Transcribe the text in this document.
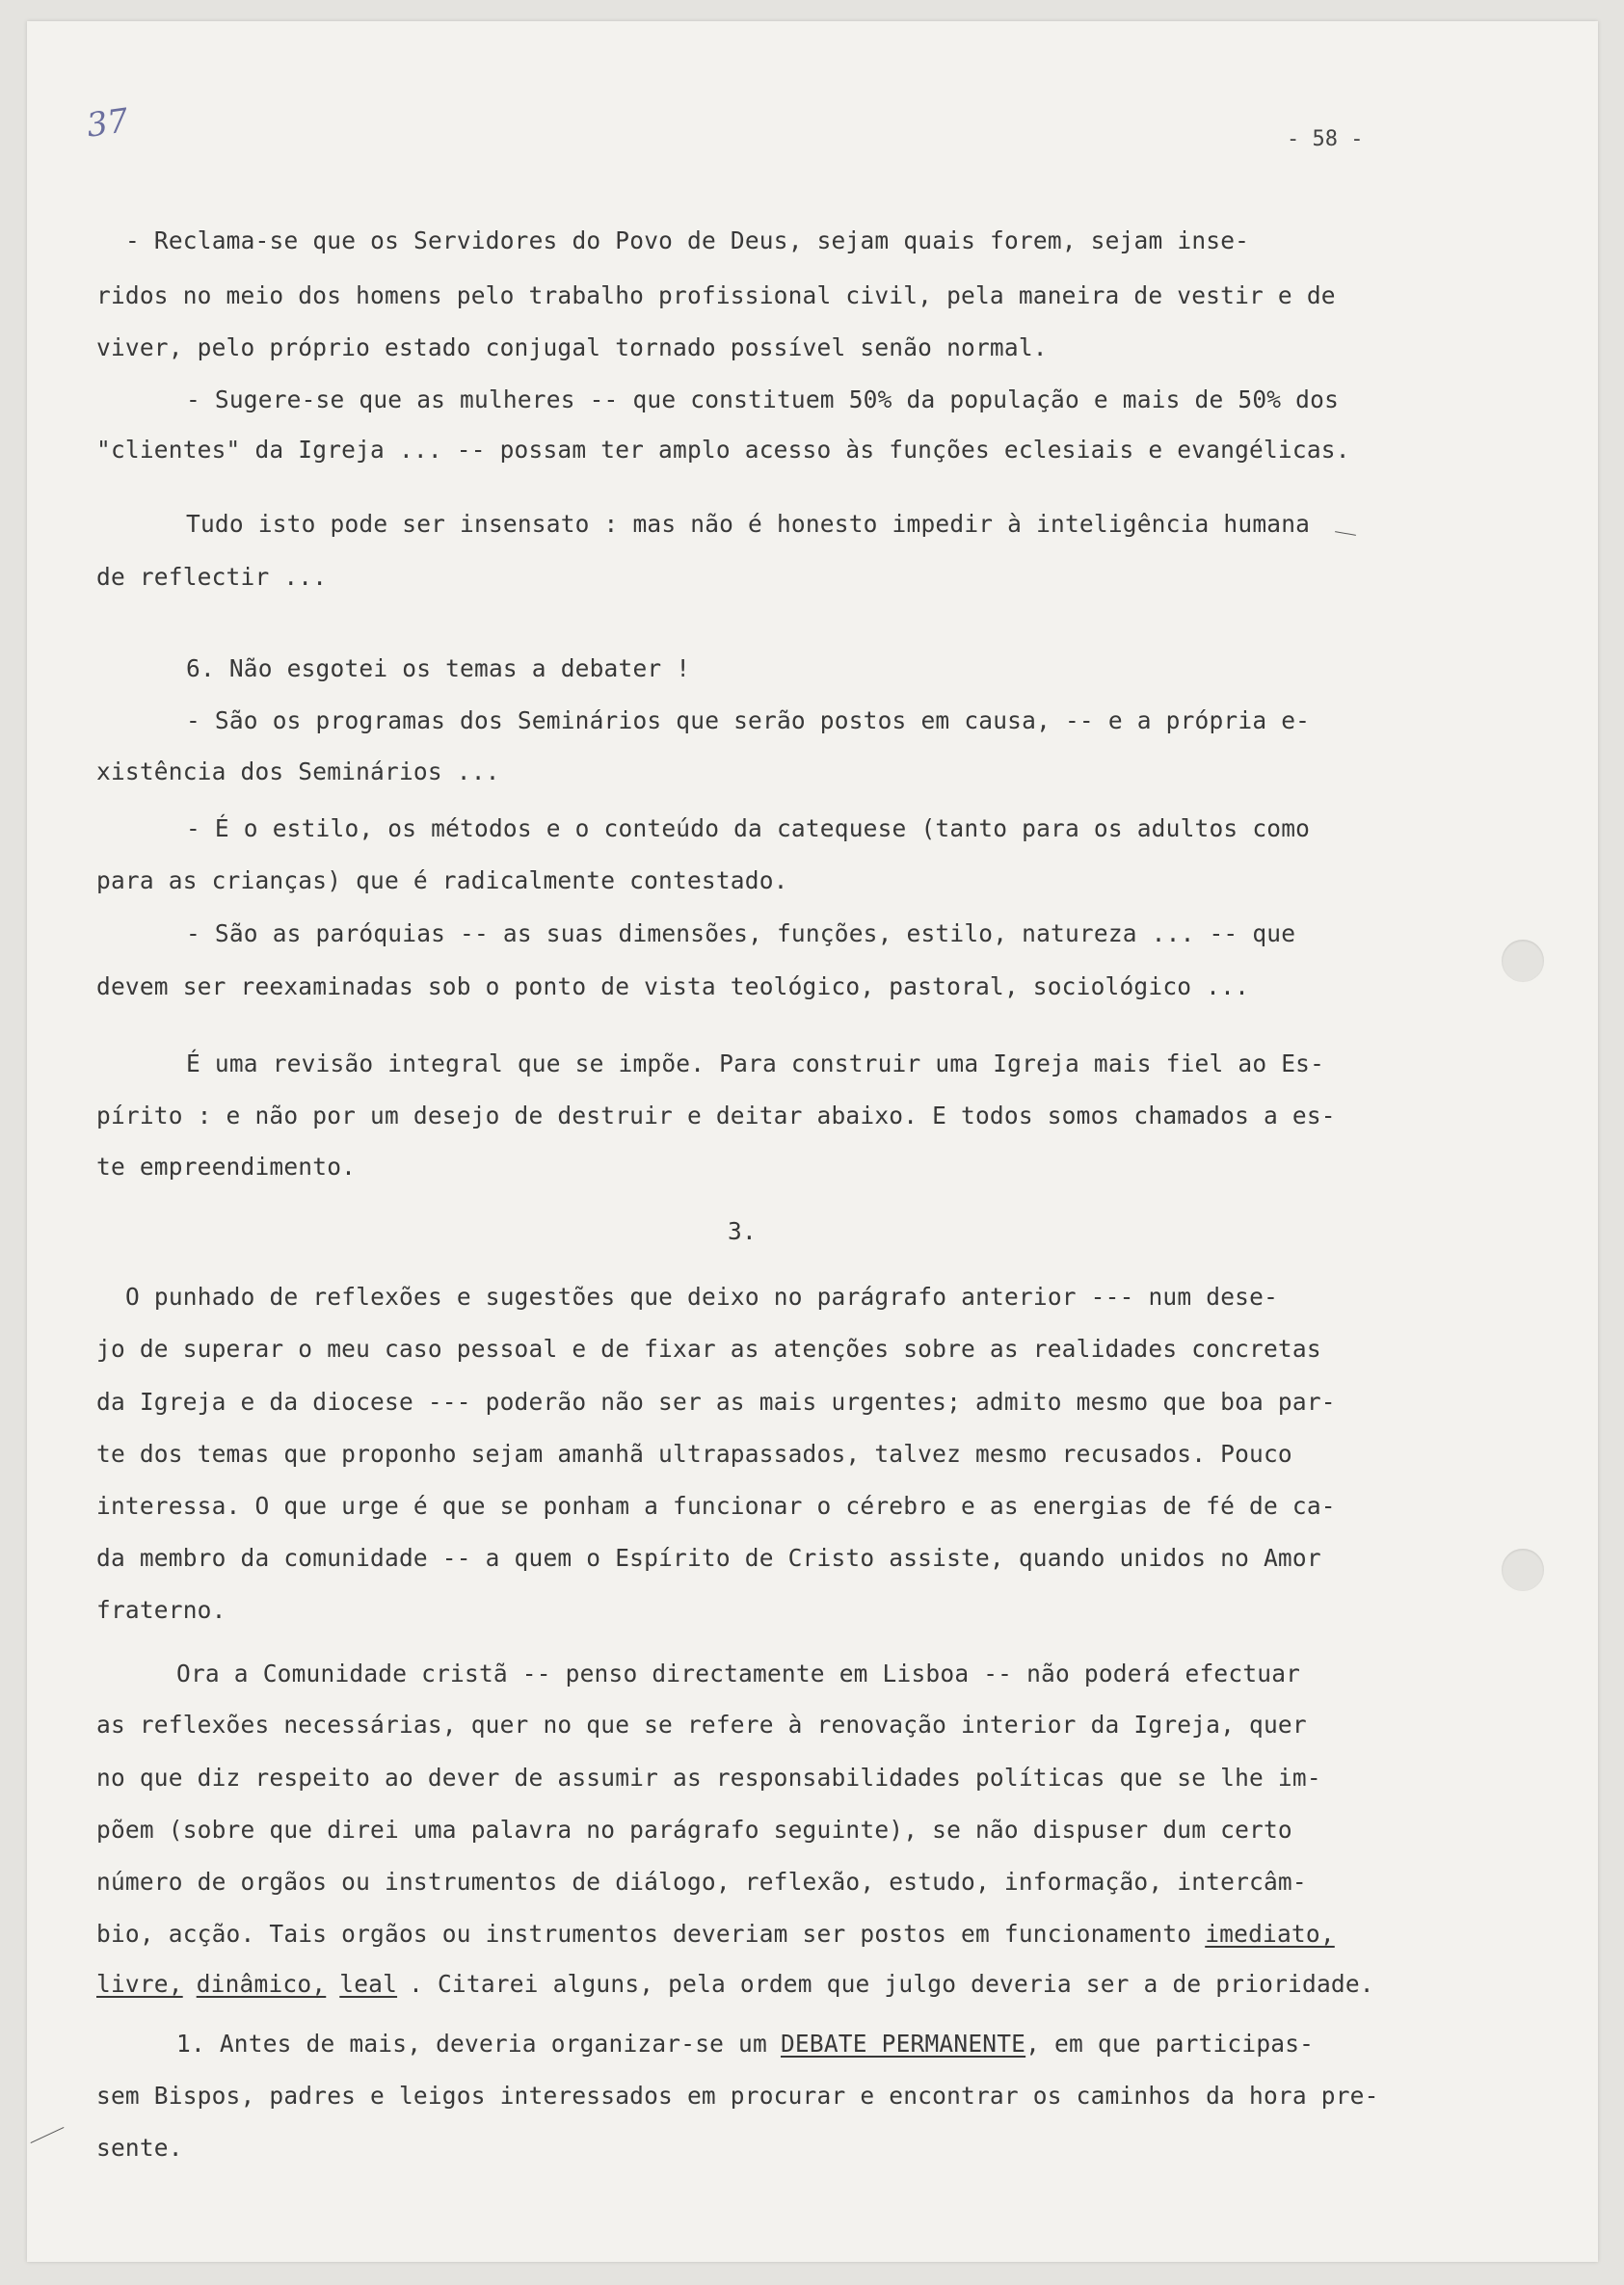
37	- 58 -
- Reclama-se que os Servidores do Povo de Deus, sejam quais forem, sejam inse-
ridos no meio dos homens pelo trabalho profissional civil, pela maneira de vestir e de
viver, pelo próprio estado conjugal tornado possível senão normal.
- Sugere-se que as mulheres -- que constituem 50% da população e mais de 50% dos
"clientes" da Igreja ... -- possam ter amplo acesso às funções eclesiais e evangélicas.
Tudo isto pode ser insensato : mas não é honesto impedir à inteligência humana
de reflectir ...
6. Não esgotei os temas a debater !
- São os programas dos Seminários que serão postos em causa, -- e a própria e-
xistência dos Seminários ...
- É o estilo, os métodos e o conteúdo da catequese (tanto para os adultos como
para as crianças) que é radicalmente contestado.
- São as paróquias -- as suas dimensões, funções, estilo, natureza ... -- que
devem ser reexaminadas sob o ponto de vista teológico, pastoral, sociológico ...
É uma revisão integral que se impõe. Para construir uma Igreja mais fiel ao Es-
pírito : e não por um desejo de destruir e deitar abaixo. E todos somos chamados a es-
te empreendimento.
3.
O punhado de reflexões e sugestões que deixo no parágrafo anterior --- num dese-
jo de superar o meu caso pessoal e de fixar as atenções sobre as realidades concretas
da Igreja e da diocese --- poderão não ser as mais urgentes; admito mesmo que boa par-
te dos temas que proponho sejam amanhã ultrapassados, talvez mesmo recusados. Pouco
interessa. O que urge é que se ponham a funcionar o cérebro e as energias de fé de ca-
da membro da comunidade -- a quem o Espírito de Cristo assiste, quando unidos no Amor
fraterno.
Ora a Comunidade cristã -- penso directamente em Lisboa -- não poderá efectuar
as reflexões necessárias, quer no que se refere à renovação interior da Igreja, quer
no que diz respeito ao dever de assumir as responsabilidades políticas que se lhe im-
põem (sobre que direi uma palavra no parágrafo seguinte), se não dispuser dum certo
número de orgãos ou instrumentos de diálogo, reflexão, estudo, informação, intercâm-
bio, acção. Tais orgãos ou instrumentos deveriam ser postos em funcionamento imediato,
livre, dinâmico, leal . Citarei alguns, pela ordem que julgo deveria ser a de prioridade.
1. Antes de mais, deveria organizar-se um DEBATE PERMANENTE , em que participas-
sem Bispos, padres e leigos interessados em procurar e encontrar os caminhos da hora pre-
sente.
